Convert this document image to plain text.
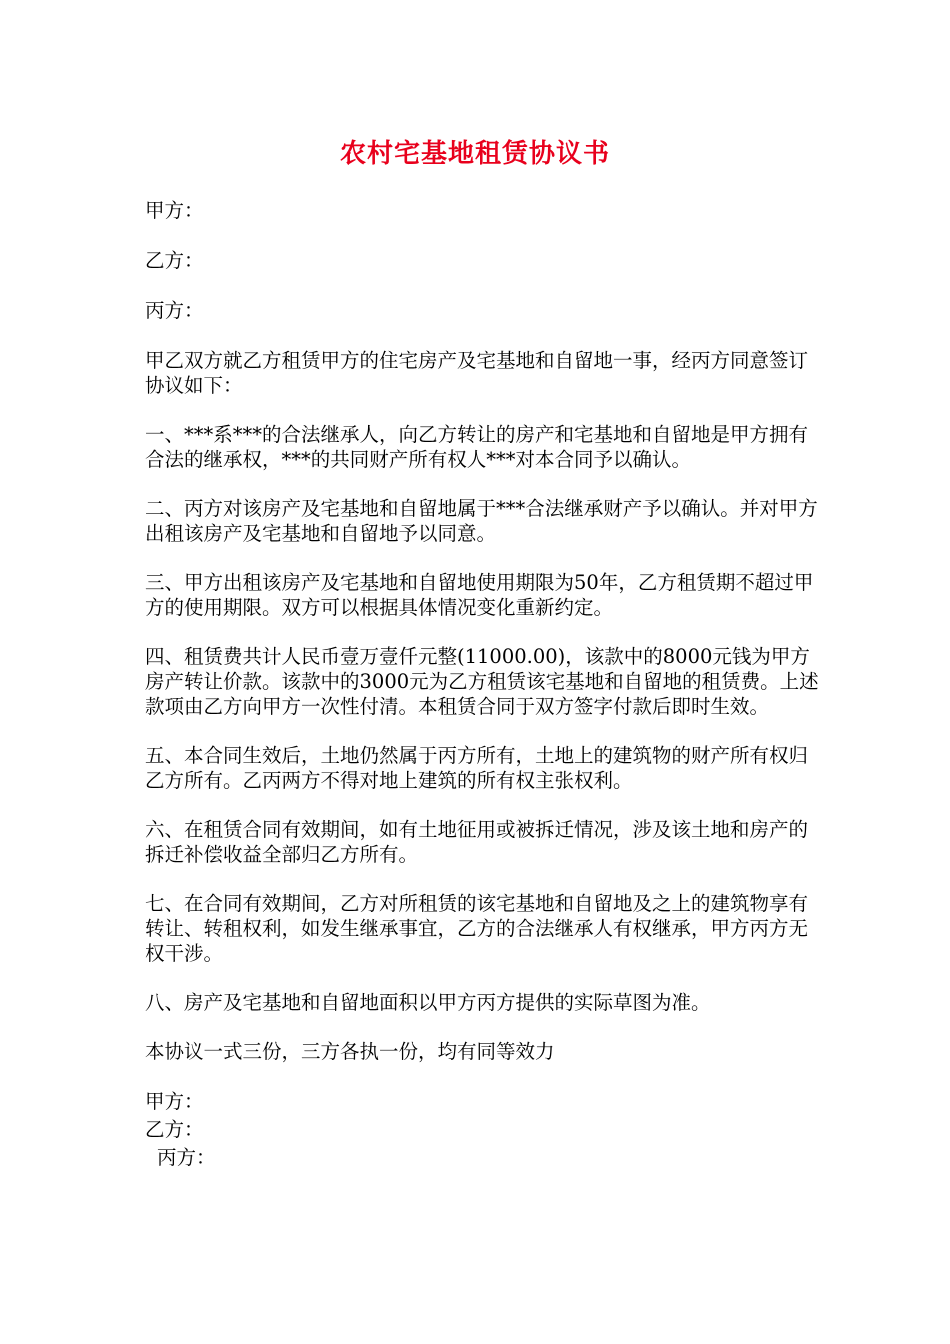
农村宅基地租赁协议书

甲方：

乙方：

丙方：

甲乙双方就乙方租赁甲方的住宅房产及宅基地和自留地一事，经丙方同意签订协议如下：

一、***系***的合法继承人，向乙方转让的房产和宅基地和自留地是甲方拥有合法的继承权，***的共同财产所有权人***对本合同予以确认。

二、丙方对该房产及宅基地和自留地属于***合法继承财产予以确认。并对甲方出租该房产及宅基地和自留地予以同意。

三、甲方出租该房产及宅基地和自留地使用期限为50年，乙方租赁期不超过甲方的使用期限。双方可以根据具体情况变化重新约定。

四、租赁费共计人民币壹万壹仟元整(11000.00)，该款中的8000元钱为甲方房产转让价款。该款中的3000元为乙方租赁该宅基地和自留地的租赁费。上述款项由乙方向甲方一次性付清。本租赁合同于双方签字付款后即时生效。

五、本合同生效后，土地仍然属于丙方所有，土地上的建筑物的财产所有权归乙方所有。乙丙两方不得对地上建筑的所有权主张权利。

六、在租赁合同有效期间，如有土地征用或被拆迁情况，涉及该土地和房产的拆迁补偿收益全部归乙方所有。

七、在合同有效期间，乙方对所租赁的该宅基地和自留地及之上的建筑物享有转让、转租权利，如发生继承事宜，乙方的合法继承人有权继承，甲方丙方无权干涉。

八、房产及宅基地和自留地面积以甲方丙方提供的实际草图为准。

本协议一式三份，三方各执一份，均有同等效力

甲方：
乙方：
丙方：
